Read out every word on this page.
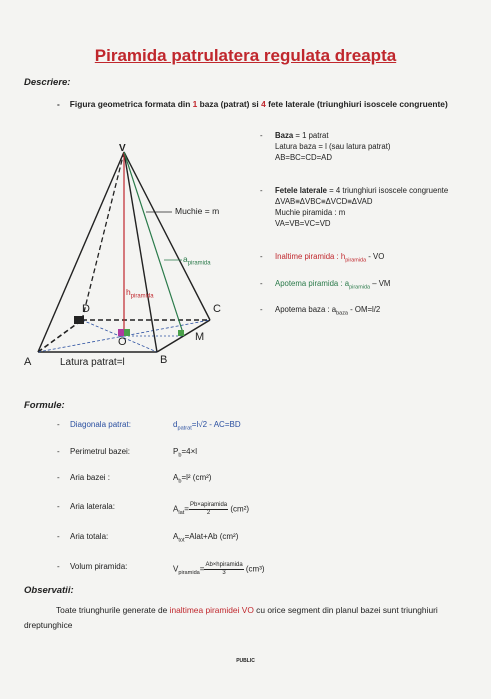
Piramida patrulatera regulata dreapta
Descriere:
- Figura geometrica formata din 1 baza (patrat) si 4 fete laterale (triunghiuri isoscele congruente)
V
A	B
C
D
O	M
Muchie = m
$a_{piramida}$
$h_{piramida}$
Latura patrat=l
- Baza = 1 patrat
Latura baza = l (sau latura patrat)
AB=BC=CD=AD
- Fetele laterale = 4 triunghiuri isoscele congruente
ΔVAB≡ΔVBC≡ΔVCD≡ΔVAD
Muchie piramida : m
VA=VB=VC=VD
- Inaltime piramida : $h_{piramida}$ - VO
- Apotema piramida : $a_{piramida}$ – VM
- Apotema baza : $a_{baza} - OM=l/2$
Formule:
- Diagonala patrat:	$d_{patrat}=l√2 - AC=BD$
- Perimetrul bazei:	$P_b=4\times l$
- Aria bazei :	$A_b=l^2$ (cm²)
- Aria laterala:	$A_{lat}= \frac{\text{Pb×apiramida}}{2} (cm^2)$
- Aria totala:	$A_{tot}=Alat+Ab$ (cm²)
- Volum piramida:	$V_{piramida}= \frac{\text{Ab×hpiramida}}{3} (cm^3)$
Observatii:
Toate triunghurile generate de inaltimea piramidei VO cu orice segment din planul bazei sunt triunghiuri dreptunghice
PUBLIC
